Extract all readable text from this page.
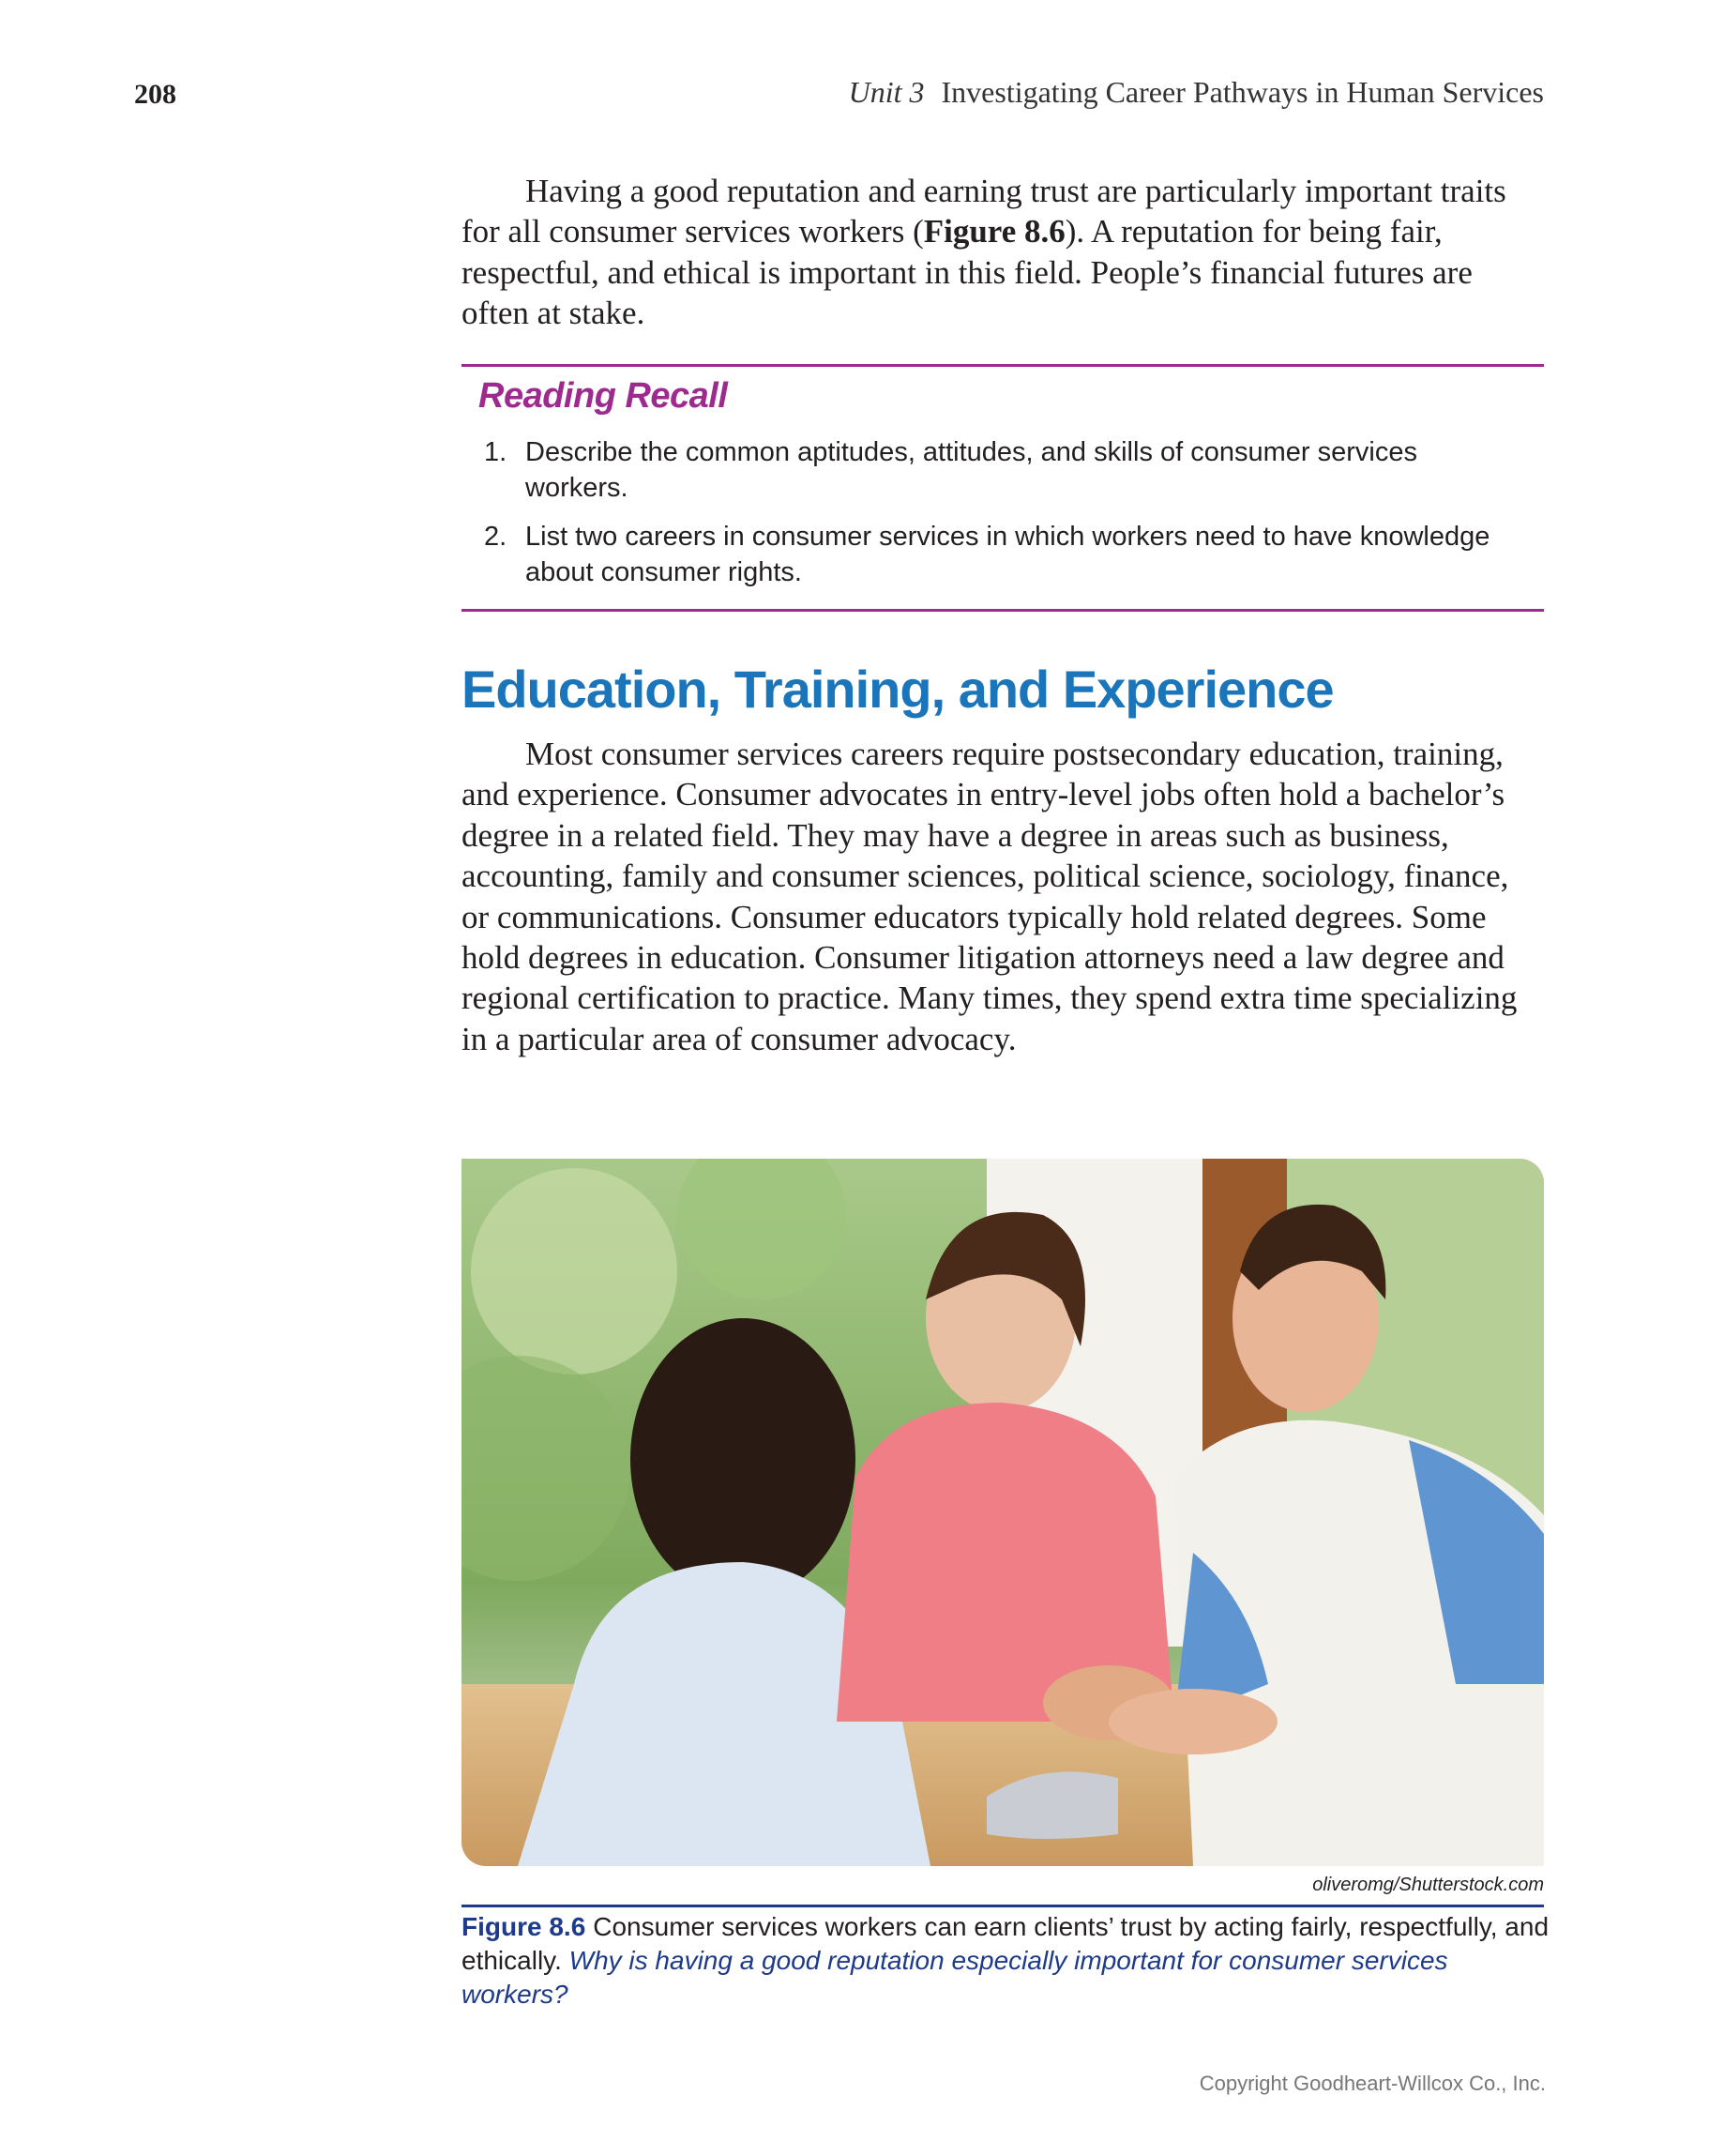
208	Unit 3 Investigating Career Pathways in Human Services

Having a good reputation and earning trust are particularly important traits for all consumer services workers (Figure 8.6). A reputation for being fair, respectful, and ethical is important in this field. People’s financial futures are often at stake.

Reading Recall
1. Describe the common aptitudes, attitudes, and skills of consumer services workers.
2. List two careers in consumer services in which workers need to have knowledge about consumer rights.
Education, Training, and Experience

Most consumer services careers require postsecondary education, training, and experience. Consumer advocates in entry-level jobs often hold a bachelor’s degree in a related field. They may have a degree in areas such as business, accounting, family and consumer sciences, political science, sociology, finance, or communications. Consumer educators typically hold related degrees. Some hold degrees in education. Consumer litigation attorneys need a law degree and regional certification to practice. Many times, they spend extra time specializing in a particular area of consumer advocacy.

oliveromg/Shutterstock.com

Figure 8.6 Consumer services workers can earn clients’ trust by acting fairly, respectfully, and ethically. Why is having a good reputation especially important for consumer services workers?

Copyright Goodheart-Willcox Co., Inc.
